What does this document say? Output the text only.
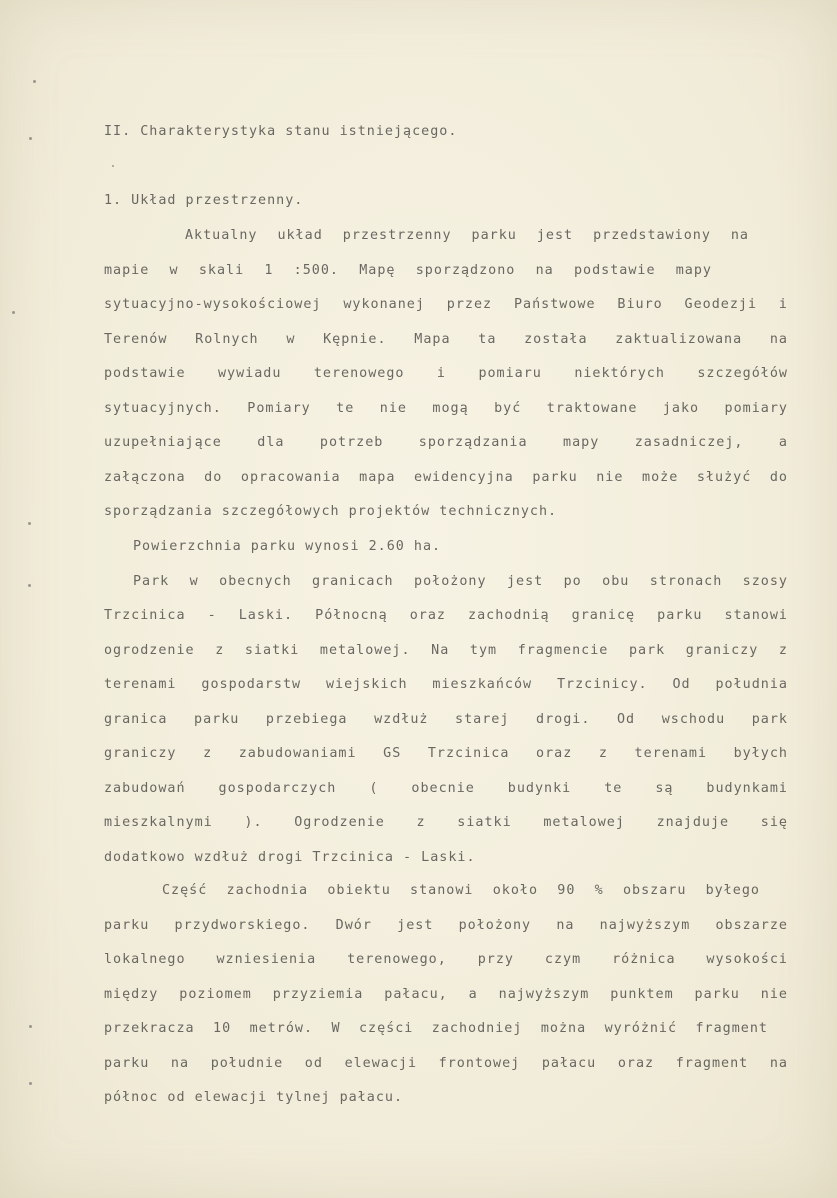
II. Charakterystyka stanu istniejącego.
1. Układ przestrzenny.
Aktualny układ przestrzenny parku jest przedstawiony na
mapie w skali 1 :500. Mapę sporządzono na podstawie mapy
sytuacyjno-wysokościowej wykonanej przez Państwowe Biuro Geodezji i
Terenów Rolnych w Kępnie. Mapa ta została zaktualizowana na
podstawie wywiadu terenowego i pomiaru niektórych szczegółów
sytuacyjnych. Pomiary te nie mogą być traktowane jako pomiary
uzupełniające dla potrzeb sporządzania mapy zasadniczej, a
załączona do opracowania mapa ewidencyjna parku nie może służyć do
sporządzania szczegółowych projektów technicznych.
Powierzchnia parku wynosi 2.60 ha.
Park w obecnych granicach położony jest po obu stronach szosy
Trzcinica - Laski. Północną oraz zachodnią granicę parku stanowi
ogrodzenie z siatki metalowej. Na tym fragmencie park graniczy z
terenami gospodarstw wiejskich mieszkańców Trzcinicy. Od południa
granica parku przebiega wzdłuż starej drogi. Od wschodu park
graniczy z zabudowaniami GS Trzcinica oraz z terenami byłych
zabudowań gospodarczych ( obecnie budynki te są budynkami
mieszkalnymi ). Ogrodzenie z siatki metalowej znajduje się
dodatkowo wzdłuż drogi Trzcinica - Laski.
Część zachodnia obiektu stanowi około 90 % obszaru byłego
parku przydworskiego. Dwór jest położony na najwyższym obszarze
lokalnego wzniesienia terenowego, przy czym różnica wysokości
między poziomem przyziemia pałacu, a najwyższym punktem parku nie
przekracza 10 metrów. W części zachodniej można wyróżnić fragment
parku na południe od elewacji frontowej pałacu oraz fragment na
północ od elewacji tylnej pałacu.
